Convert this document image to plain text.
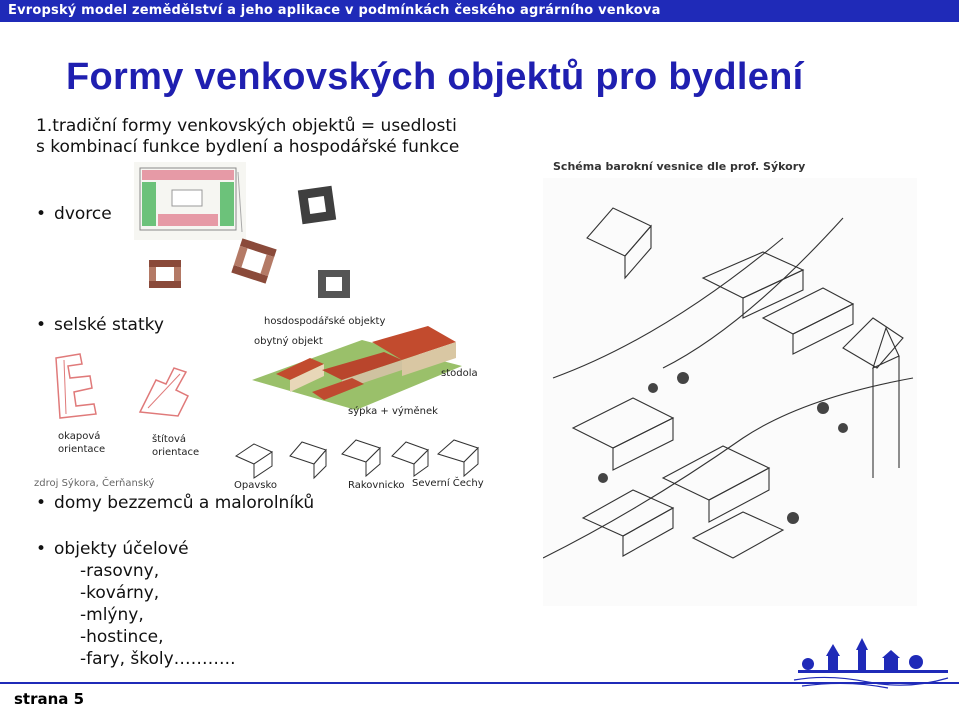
Evropský model zemědělství a jeho aplikace v podmínkách českého agrárního venkova
Formy venkovských objektů pro bydlení
1.tradiční formy venkovských objektů = usedlosti
s kombinací funkce bydlení a hospodářské funkce
Schéma barokní vesnice dle prof. Sýkory
• dvorce
• selské statky	hosdospodářské objekty
obytný objekt
stodola
sýpka + výměnek
okapová
orientace
štítová
orientace
zdroj Sýkora, Čerňanský	Opavsko	Rakovnicko Severní Čechy
• domy bezzemců a malorolníků
• objekty účelové
-rasovny,
-kovárny,
-mlýny,
-hostince,
-fary, školy………..
strana 5
